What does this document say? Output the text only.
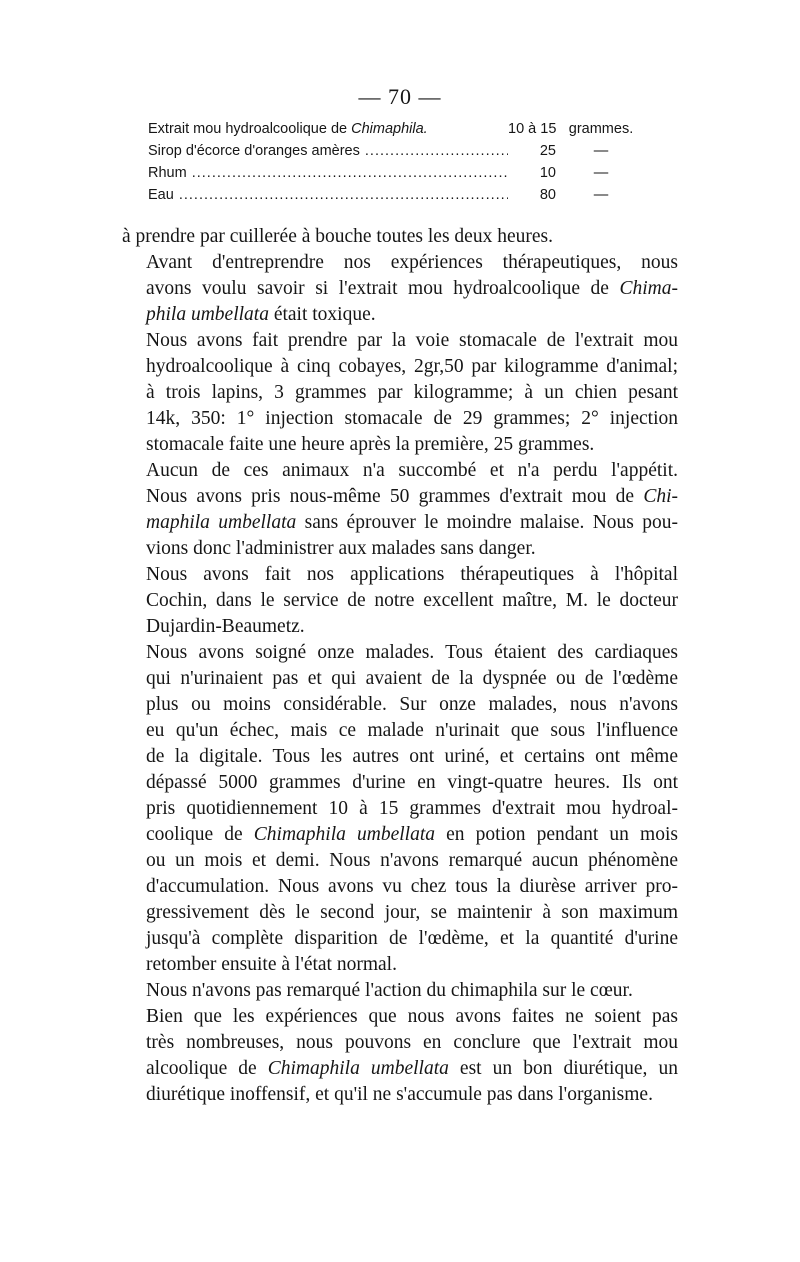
— 70 —
Extrait mou hydroalcoolique de Chimaphila.	10 à 15 grammes.
Sirop d'écorce d'oranges amères .....	25	—
Rhum .....	10	—
Eau .....	80	—

à prendre par cuillerée à bouche toutes les deux heures.

Avant d'entreprendre nos expériences thérapeutiques, nous
avons voulu savoir si l'extrait mou hydroalcoolique de Chima-
phila umbellata était toxique.

Nous avons fait prendre par la voie stomacale de l'extrait mou
hydroalcoolique à cinq cobayes, 2gr,50 par kilogramme d'animal;
à trois lapins, 3 grammes par kilogramme; à un chien pesant
14k, 350: 1° injection stomacale de 29 grammes; 2° injection
stomacale faite une heure après la première, 25 grammes.

Aucun de ces animaux n'a succombé et n'a perdu l'appétit.
Nous avons pris nous-même 50 grammes d'extrait mou de Chi-
maphila umbellata sans éprouver le moindre malaise. Nous pou-
vions donc l'administrer aux malades sans danger.

Nous avons fait nos applications thérapeutiques à l'hôpital
Cochin, dans le service de notre excellent maître, M. le docteur
Dujardin-Beaumetz.

Nous avons soigné onze malades. Tous étaient des cardiaques
qui n'urinaient pas et qui avaient de la dyspnée ou de l'œdème
plus ou moins considérable. Sur onze malades, nous n'avons
eu qu'un échec, mais ce malade n'urinait que sous l'influence
de la digitale. Tous les autres ont uriné, et certains ont même
dépassé 5000 grammes d'urine en vingt-quatre heures. Ils ont
pris quotidiennement 10 à 15 grammes d'extrait mou hydroal-
coolique de Chimaphila umbellata en potion pendant un mois
ou un mois et demi. Nous n'avons remarqué aucun phénomène
d'accumulation. Nous avons vu chez tous la diurèse arriver pro-
gressivement dès le second jour, se maintenir à son maximum
jusqu'à complète disparition de l'œdème, et la quantité d'urine
retomber ensuite à l'état normal.

Nous n'avons pas remarqué l'action du chimaphila sur le cœur.

Bien que les expériences que nous avons faites ne soient pas
très nombreuses, nous pouvons en conclure que l'extrait mou
alcoolique de Chimaphila umbellata est un bon diurétique, un
diurétique inoffensif, et qu'il ne s'accumule pas dans l'organisme.
